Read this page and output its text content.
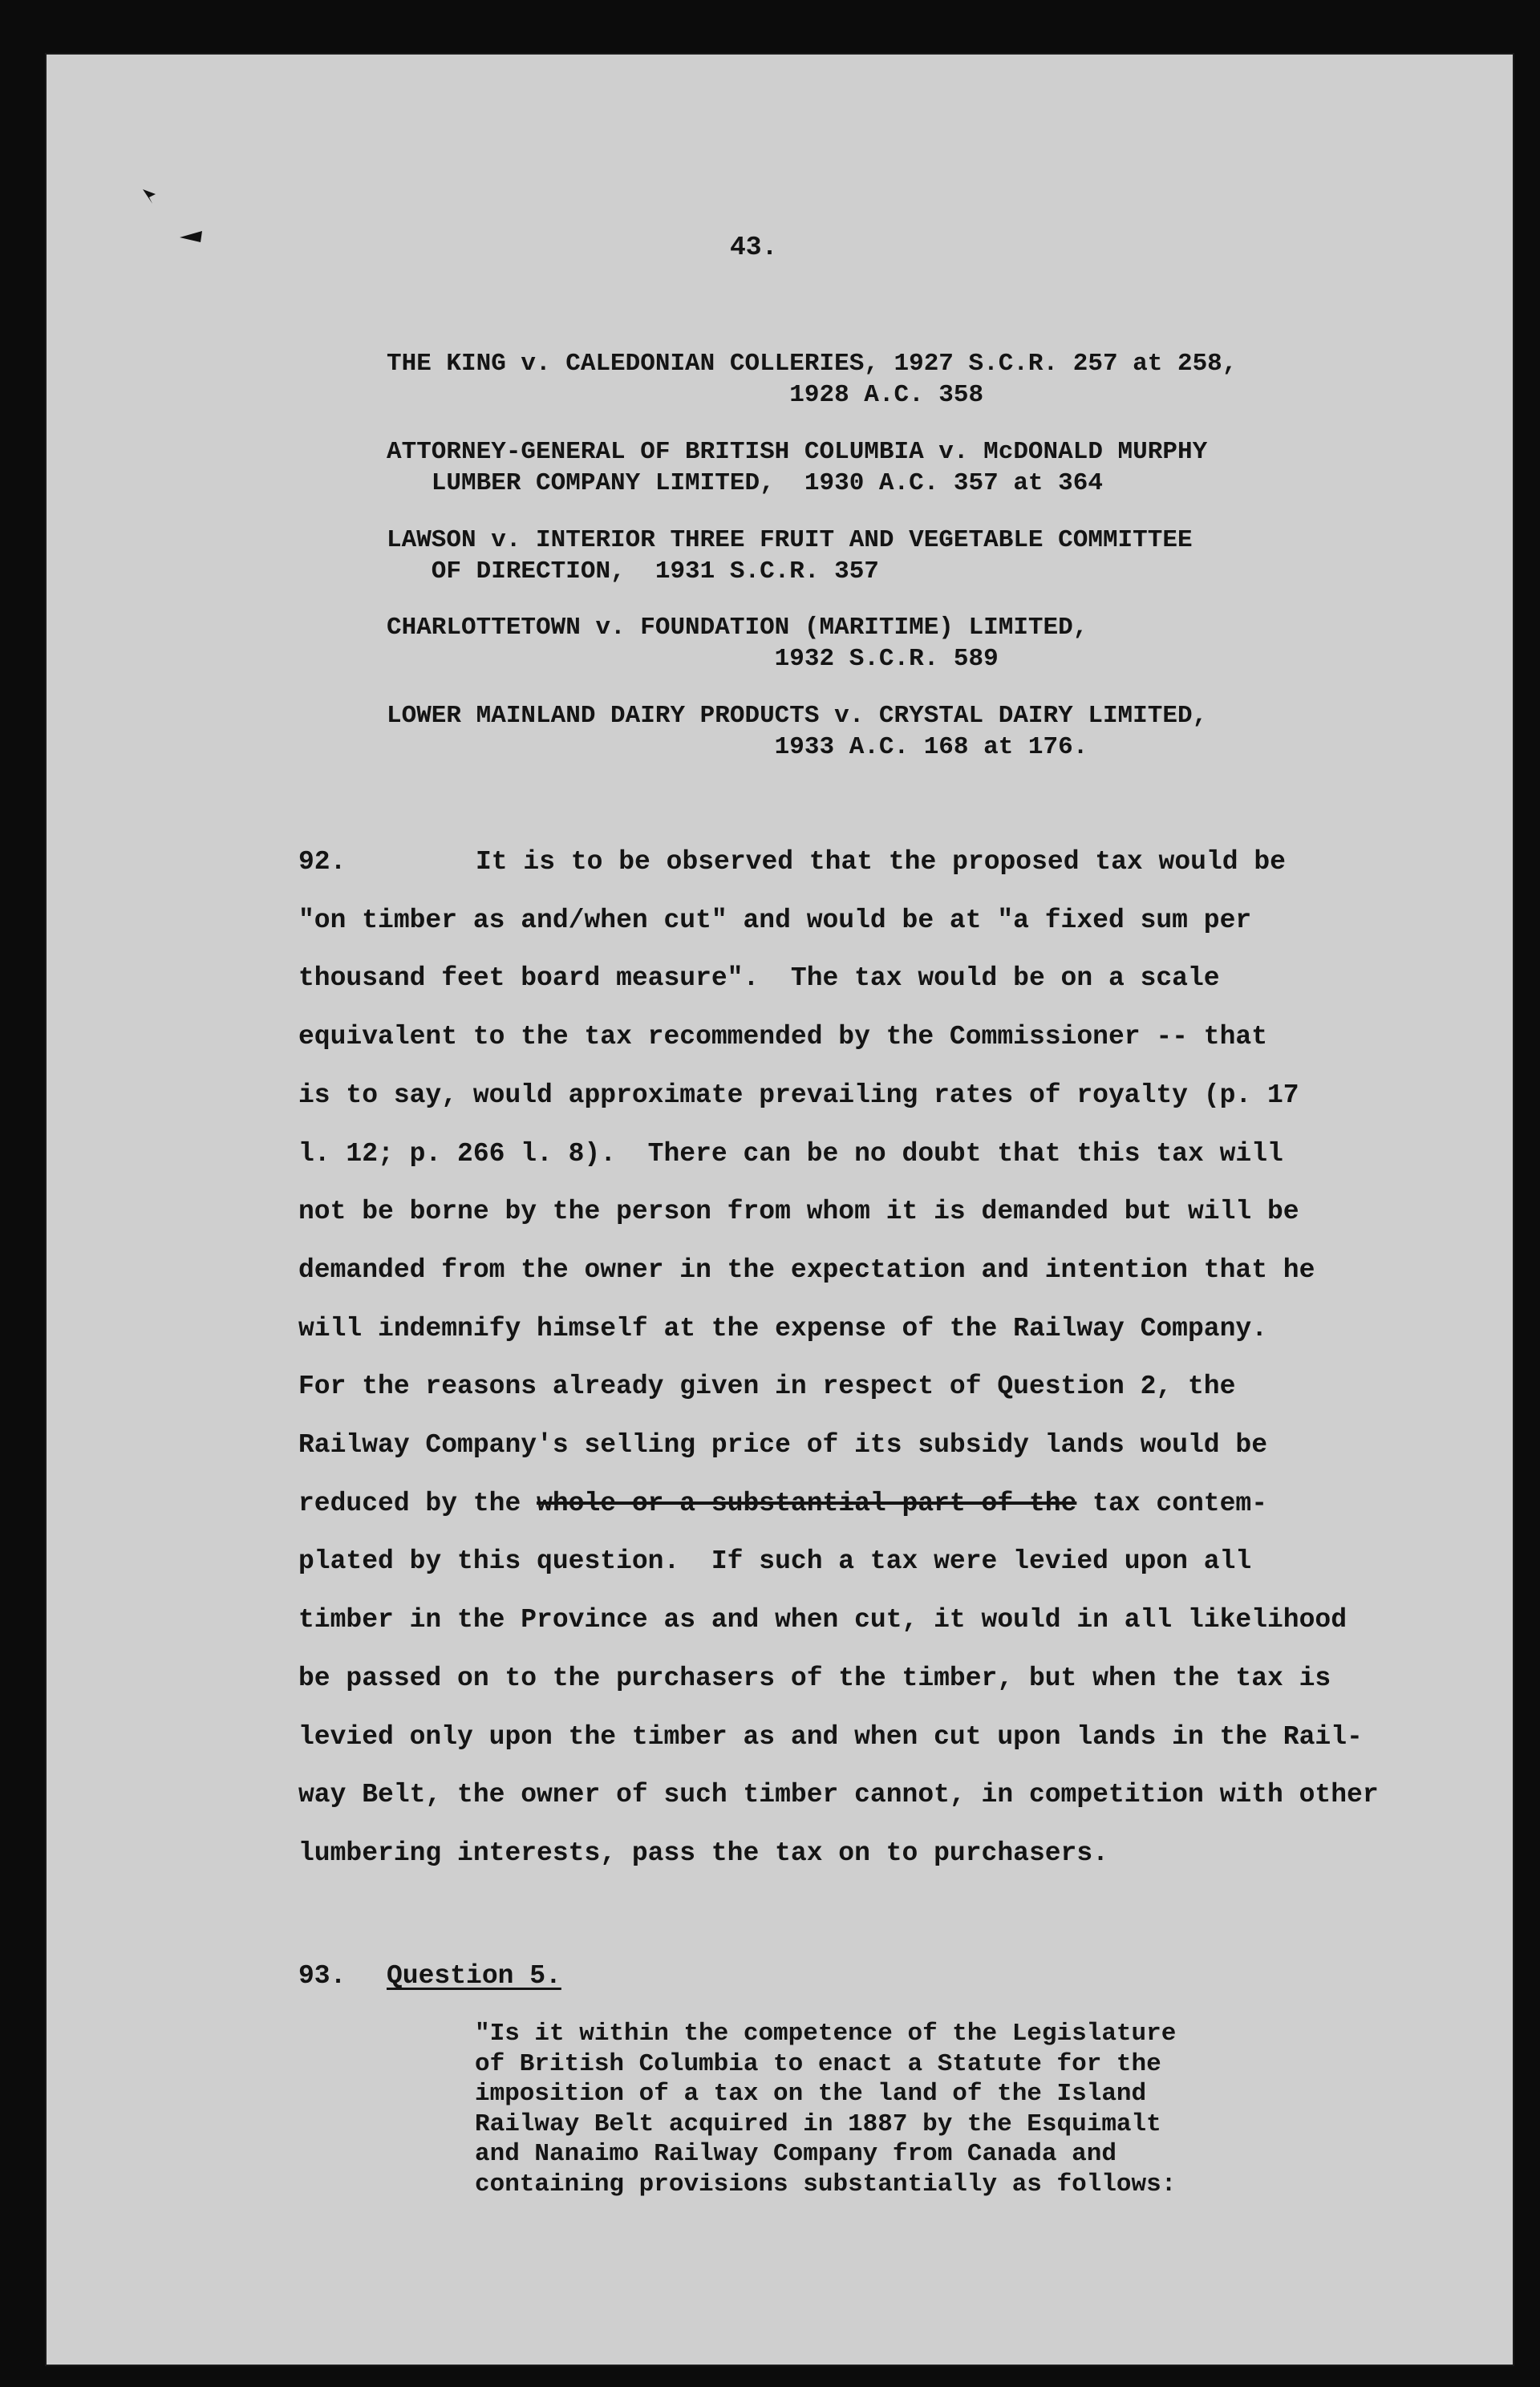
43.
THE KING v. CALEDONIAN COLLERIES, 1927 S.C.R. 257 at 258,
1928 A.C. 358
ATTORNEY-GENERAL OF BRITISH COLUMBIA v. McDONALD MURPHY
LUMBER COMPANY LIMITED,  1930 A.C. 357 at 364
LAWSON v. INTERIOR THREE FRUIT AND VEGETABLE COMMITTEE
OF DIRECTION,  1931 S.C.R. 357
CHARLOTTETOWN v. FOUNDATION (MARITIME) LIMITED,
1932 S.C.R. 589
LOWER MAINLAND DAIRY PRODUCTS v. CRYSTAL DAIRY LIMITED,
1933 A.C. 168 at 176.
92.	It is to be observed that the proposed tax would be
"on timber as and/when cut" and would be at "a fixed sum per
thousand feet board measure".  The tax would be on a scale
equivalent to the tax recommended by the Commissioner -- that
is to say, would approximate prevailing rates of royalty (p. 17
l. 12; p. 266 l. 8).  There can be no doubt that this tax will
not be borne by the person from whom it is demanded but will be
demanded from the owner in the expectation and intention that he
will indemnify himself at the expense of the Railway Company.
For the reasons already given in respect of Question 2, the
Railway Company's selling price of its subsidy lands would be
reduced by the whole or a substantial part of the tax contem-
plated by this question.  If such a tax were levied upon all
timber in the Province as and when cut, it would in all likelihood
be passed on to the purchasers of the timber, but when the tax is
levied only upon the timber as and when cut upon lands in the Rail-
way Belt, the owner of such timber cannot, in competition with other
lumbering interests, pass the tax on to purchasers.
93. Question 5.
"Is it within the competence of the Legislature
of British Columbia to enact a Statute for the
imposition of a tax on the land of the Island
Railway Belt acquired in 1887 by the Esquimalt
and Nanaimo Railway Company from Canada and
containing provisions substantially as follows:
